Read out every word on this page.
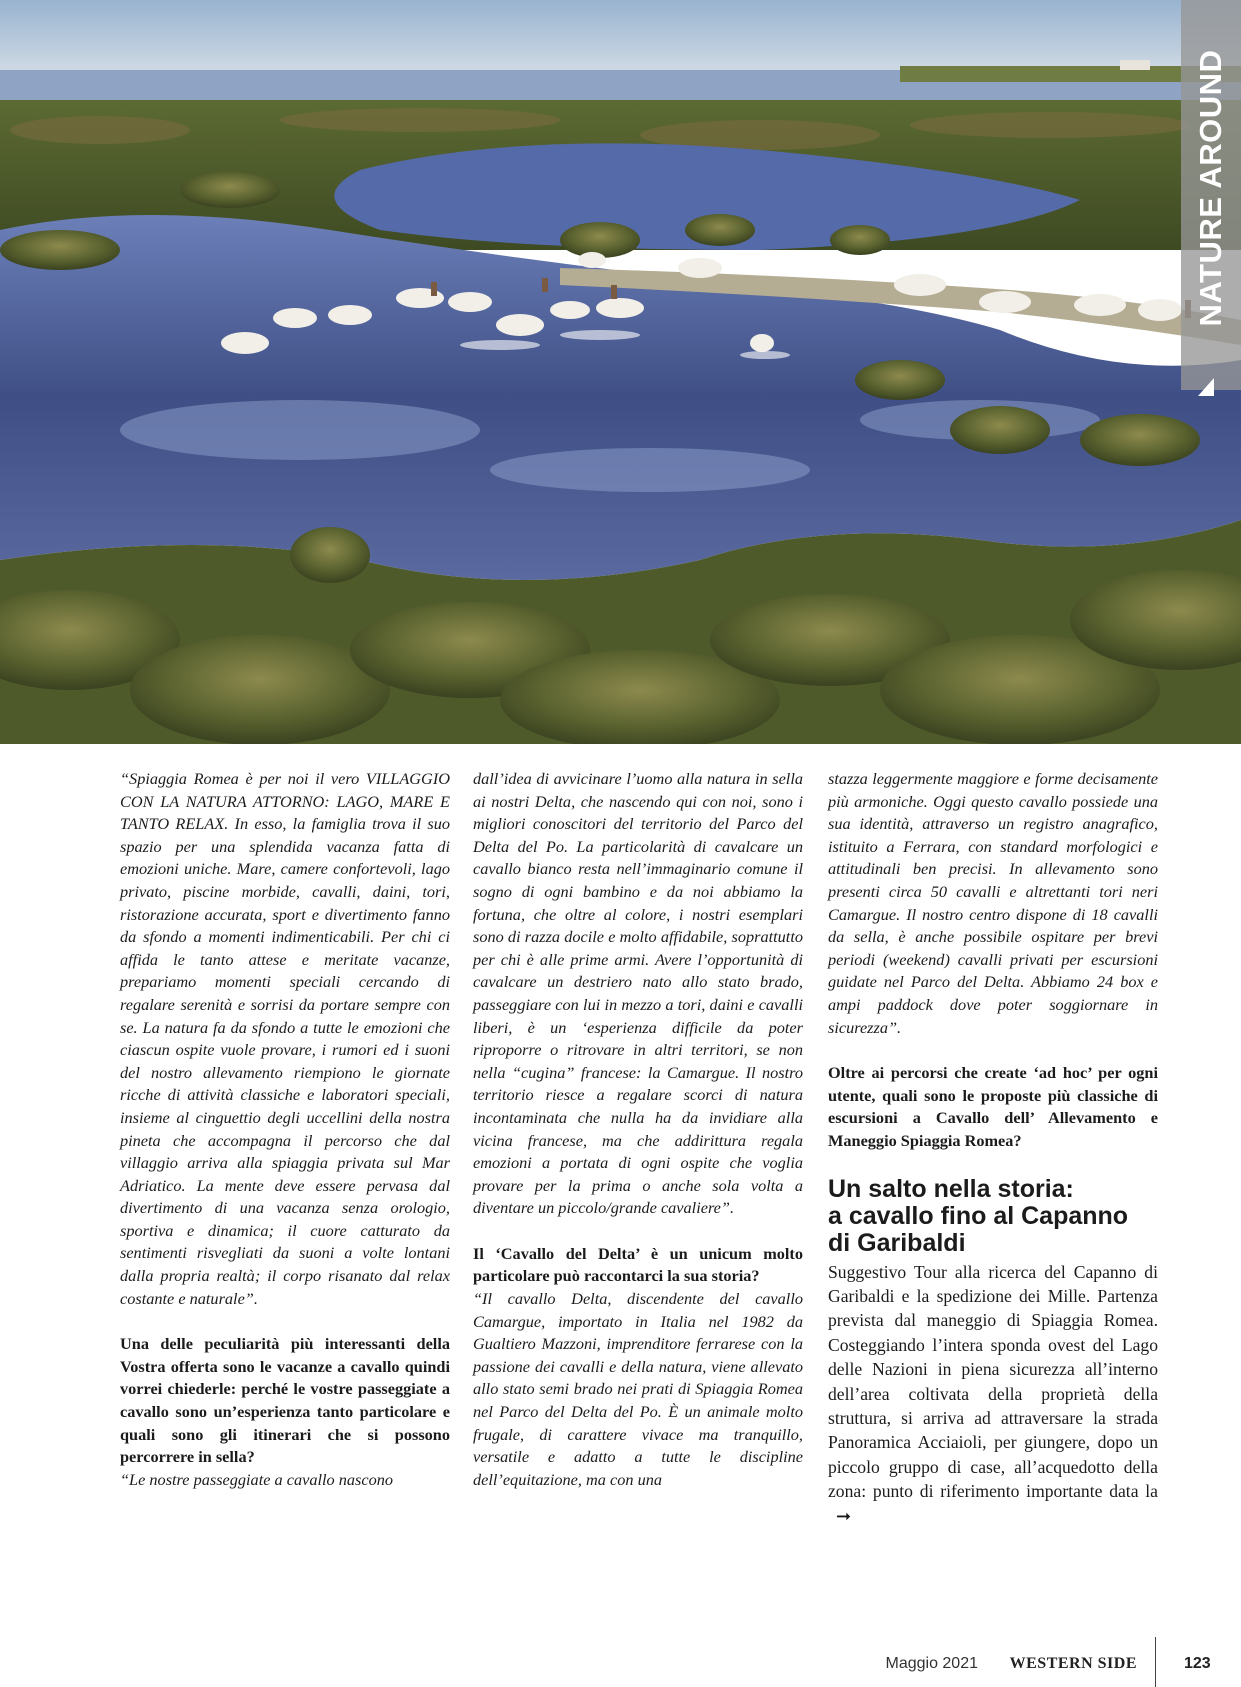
NATURE AROUND

“Spiaggia Romea è per noi il vero VILLAGGIO CON LA NATURA ATTORNO: LAGO, MARE E TANTO RELAX. In esso, la famiglia trova il suo spazio per una splendida vacanza fatta di emozioni uniche. Mare, camere confortevoli, lago privato, piscine morbide, cavalli, daini, tori, ristorazione accurata, sport e divertimento fanno da sfondo a momenti indimenticabili. Per chi ci affida le tanto attese e meritate vacanze, prepariamo momenti speciali cercando di regalare serenità e sorrisi da portare sempre con se. La natura fa da sfondo a tutte le emozioni che ciascun ospite vuole provare, i rumori ed i suoni del nostro allevamento riempiono le giornate ricche di attività classiche e laboratori speciali, insieme al cinguettio degli uccellini della nostra pineta che accompagna il percorso che dal villaggio arriva alla spiaggia privata sul Mar Adriatico. La mente deve essere pervasa dal divertimento di una vacanza senza orologio, sportiva e dinamica; il cuore catturato da sentimenti risvegliati da suoni a volte lontani dalla propria realtà; il corpo risanato dal relax costante e naturale”.

Una delle peculiarità più interessanti della Vostra offerta sono le vacanze a cavallo quindi vorrei chiederle: perché le vostre passeggiate a cavallo sono un’esperienza tanto particolare e quali sono gli itinerari che si possono percorrere in sella?

“Le nostre passeggiate a cavallo nascono

dall’idea di avvicinare l’uomo alla natura in sella ai nostri Delta, che nascendo qui con noi, sono i migliori conoscitori del territorio del Parco del Delta del Po. La particolarità di cavalcare un cavallo bianco resta nell’immaginario comune il sogno di ogni bambino e da noi abbiamo la fortuna, che oltre al colore, i nostri esemplari sono di razza docile e molto affidabile, soprattutto per chi è alle prime armi. Avere l’opportunità di cavalcare un destriero nato allo stato brado, passeggiare con lui in mezzo a tori, daini e cavalli liberi, è un ‘esperienza difficile da poter riproporre o ritrovare in altri territori, se non nella “cugina” francese: la Camargue. Il nostro territorio riesce a regalare scorci di natura incontaminata che nulla ha da invidiare alla vicina francese, ma che addirittura regala emozioni a portata di ogni ospite che voglia provare per la prima o anche sola volta a diventare un piccolo/grande cavaliere”.

Il ‘Cavallo del Delta’ è un unicum molto particolare può raccontarci la sua storia?

“Il cavallo Delta, discendente del cavallo Camargue, importato in Italia nel 1982 da Gualtiero Mazzoni, imprenditore ferrarese con la passione dei cavalli e della natura, viene allevato allo stato semi brado nei prati di Spiaggia Romea nel Parco del Delta del Po. È un animale molto frugale, di carattere vivace ma tranquillo, versatile e adatto a tutte le discipline dell’equitazione, ma con una

stazza leggermente maggiore e forme decisamente più armoniche. Oggi questo cavallo possiede una sua identità, attraverso un registro anagrafico, istituito a Ferrara, con standard morfologici e attitudinali ben precisi. In allevamento sono presenti circa 50 cavalli e altrettanti tori neri Camargue. Il nostro centro dispone di 18 cavalli da sella, è anche possibile ospitare per brevi periodi (weekend) cavalli privati per escursioni guidate nel Parco del Delta. Abbiamo 24 box e ampi paddock dove poter soggiornare in sicurezza”.

Oltre ai percorsi che create ‘ad hoc’ per ogni utente, quali sono le proposte più classiche di escursioni a Cavallo dell’ Allevamento e Maneggio Spiaggia Romea?

Un salto nella storia:
a cavallo fino al Capanno
di Garibaldi

Suggestivo Tour alla ricerca del Capanno di Garibaldi e la spedizione dei Mille. Partenza prevista dal maneggio di Spiaggia Romea. Costeggiando l’intera sponda ovest del Lago delle Nazioni in piena sicurezza all’interno dell’area coltivata della proprietà della struttura, si arriva ad attraversare la strada Panoramica Acciaioli, per giungere, dopo un piccolo gruppo di case, all’acquedotto della zona: punto di riferimento importante data la➞

Maggio 2021 WESTERN SIDE	123
